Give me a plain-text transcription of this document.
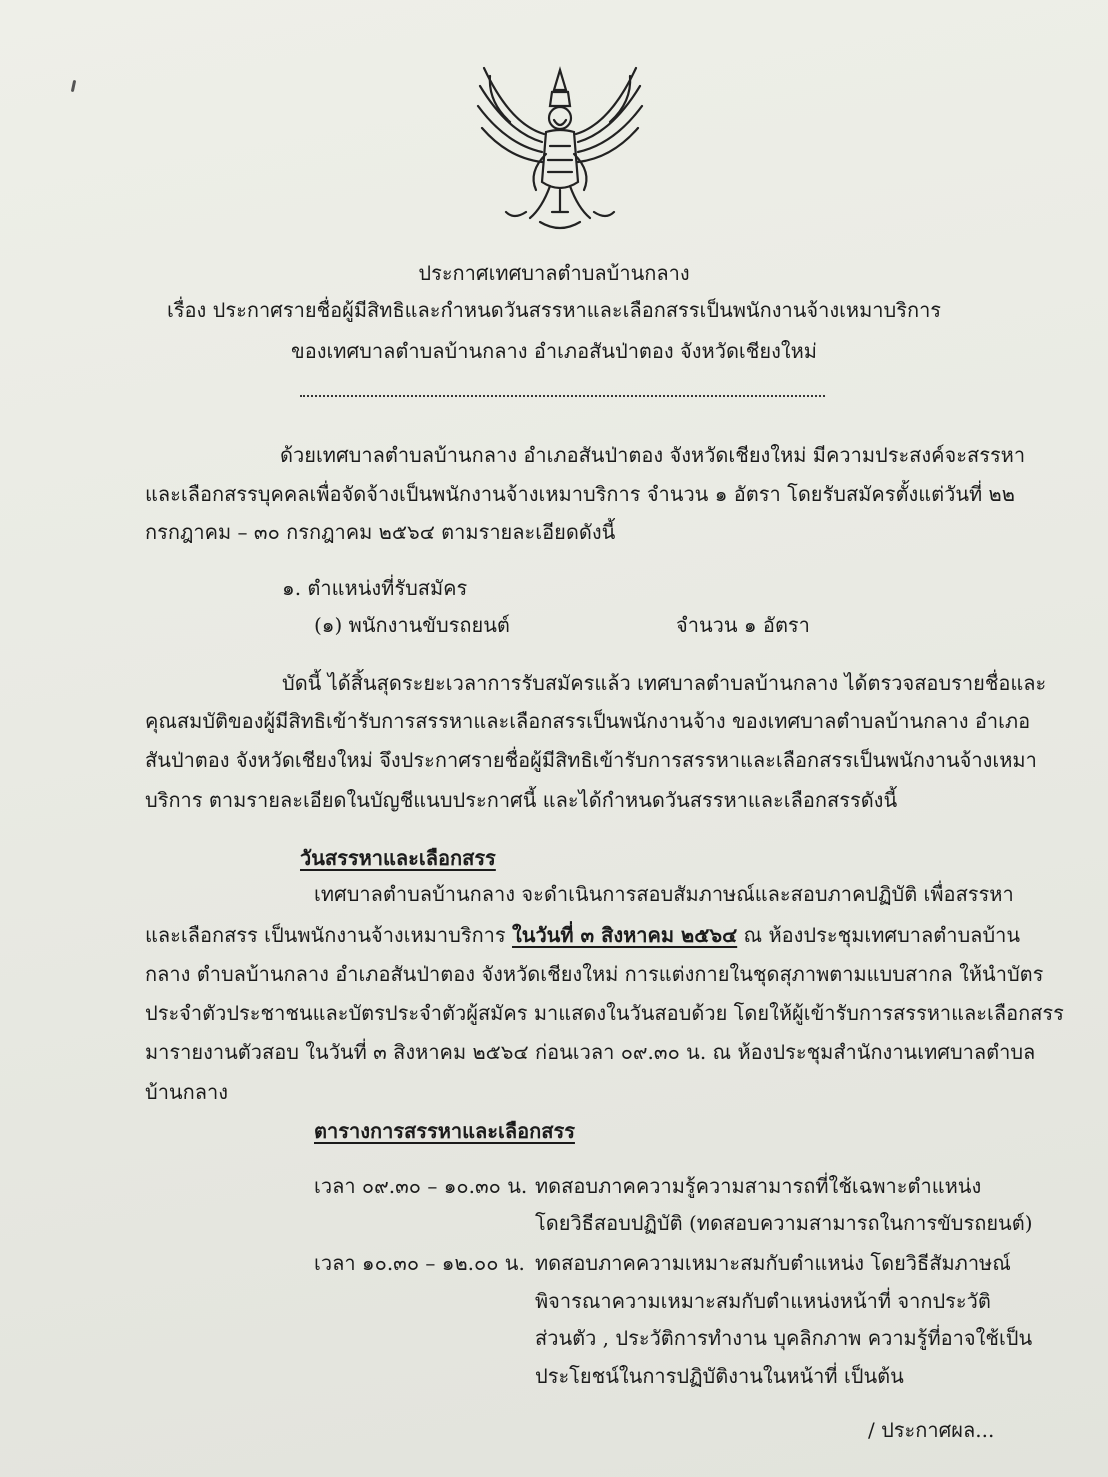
ประกาศเทศบาลตำบลบ้านกลาง
เรื่อง ประกาศรายชื่อผู้มีสิทธิและกำหนดวันสรรหาและเลือกสรรเป็นพนักงานจ้างเหมาบริการ
ของเทศบาลตำบลบ้านกลาง อำเภอสันป่าตอง จังหวัดเชียงใหม่
ด้วยเทศบาลตำบลบ้านกลาง อำเภอสันป่าตอง จังหวัดเชียงใหม่ มีความประสงค์จะสรรหา
และเลือกสรรบุคคลเพื่อจัดจ้างเป็นพนักงานจ้างเหมาบริการ จำนวน ๑ อัตรา โดยรับสมัครตั้งแต่วันที่ ๒๒
กรกฎาคม – ๓๐ กรกฎาคม ๒๕๖๔ ตามรายละเอียดดังนี้
๑. ตำแหน่งที่รับสมัคร
(๑) พนักงานขับรถยนต์	จำนวน ๑ อัตรา
บัดนี้ ได้สิ้นสุดระยะเวลาการรับสมัครแล้ว เทศบาลตำบลบ้านกลาง ได้ตรวจสอบรายชื่อและ
คุณสมบัติของผู้มีสิทธิเข้ารับการสรรหาและเลือกสรรเป็นพนักงานจ้าง ของเทศบาลตำบลบ้านกลาง อำเภอ
สันป่าตอง จังหวัดเชียงใหม่ จึงประกาศรายชื่อผู้มีสิทธิเข้ารับการสรรหาและเลือกสรรเป็นพนักงานจ้างเหมา
บริการ ตามรายละเอียดในบัญชีแนบประกาศนี้ และได้กำหนดวันสรรหาและเลือกสรรดังนี้
วันสรรหาและเลือกสรร
เทศบาลตำบลบ้านกลาง จะดำเนินการสอบสัมภาษณ์และสอบภาคปฏิบัติ เพื่อสรรหา
และเลือกสรร เป็นพนักงานจ้างเหมาบริการ ในวันที่ ๓ สิงหาคม ๒๕๖๔ ณ ห้องประชุมเทศบาลตำบลบ้าน
กลาง ตำบลบ้านกลาง อำเภอสันป่าตอง จังหวัดเชียงใหม่ การแต่งกายในชุดสุภาพตามแบบสากล ให้นำบัตร
ประจำตัวประชาชนและบัตรประจำตัวผู้สมัคร มาแสดงในวันสอบด้วย โดยให้ผู้เข้ารับการสรรหาและเลือกสรร
มารายงานตัวสอบ ในวันที่ ๓ สิงหาคม ๒๕๖๔ ก่อนเวลา ๐๙.๓๐ น. ณ ห้องประชุมสำนักงานเทศบาลตำบล
บ้านกลาง
ตารางการสรรหาและเลือกสรร
เวลา ๐๙.๓๐ – ๑๐.๓๐ น. ทดสอบภาคความรู้ความสามารถที่ใช้เฉพาะตำแหน่ง
โดยวิธีสอบปฏิบัติ (ทดสอบความสามารถในการขับรถยนต์)
เวลา ๑๐.๓๐ – ๑๒.๐๐ น. ทดสอบภาคความเหมาะสมกับตำแหน่ง โดยวิธีสัมภาษณ์
พิจารณาความเหมาะสมกับตำแหน่งหน้าที่ จากประวัติ
ส่วนตัว , ประวัติการทำงาน บุคลิกภาพ ความรู้ที่อาจใช้เป็น
ประโยชน์ในการปฏิบัติงานในหน้าที่ เป็นต้น
/ ประกาศผล...
